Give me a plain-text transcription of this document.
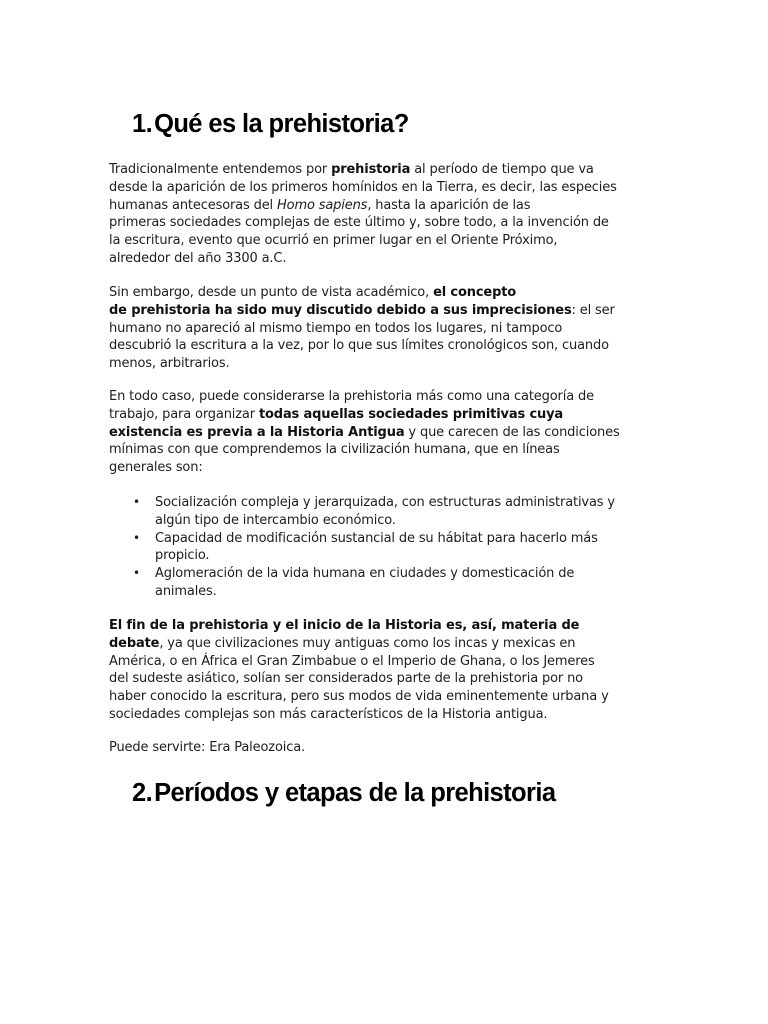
1.Qué es la prehistoria?
Tradicionalmente entendemos por prehistoria al período de tiempo que va
desde la aparición de los primeros homínidos en la Tierra, es decir, las especies
humanas antecesoras del Homo sapiens, hasta la aparición de las
primeras sociedades complejas de este último y, sobre todo, a la invención de
la escritura, evento que ocurrió en primer lugar en el Oriente Próximo,
alrededor del año 3300 a.C.
Sin embargo, desde un punto de vista académico, el concepto
de prehistoria ha sido muy discutido debido a sus imprecisiones: el ser
humano no apareció al mismo tiempo en todos los lugares, ni tampoco
descubrió la escritura a la vez, por lo que sus límites cronológicos son, cuando
menos, arbitrarios.
En todo caso, puede considerarse la prehistoria más como una categoría de
trabajo, para organizar todas aquellas sociedades primitivas cuya
existencia es previa a la Historia Antigua y que carecen de las condiciones
mínimas con que comprendemos la civilización humana, que en líneas
generales son:
• Socialización compleja y jerarquizada, con estructuras administrativas y
algún tipo de intercambio económico.
• Capacidad de modificación sustancial de su hábitat para hacerlo más
propicio.
• Aglomeración de la vida humana en ciudades y domesticación de
animales.
El fin de la prehistoria y el inicio de la Historia es, así, materia de
debate, ya que civilizaciones muy antiguas como los incas y mexicas en
América, o en África el Gran Zimbabue o el Imperio de Ghana, o los Jemeres
del sudeste asiático, solían ser considerados parte de la prehistoria por no
haber conocido la escritura, pero sus modos de vida eminentemente urbana y
sociedades complejas son más característicos de la Historia antigua.
Puede servirte: Era Paleozoica.
2.Períodos y etapas de la prehistoria
